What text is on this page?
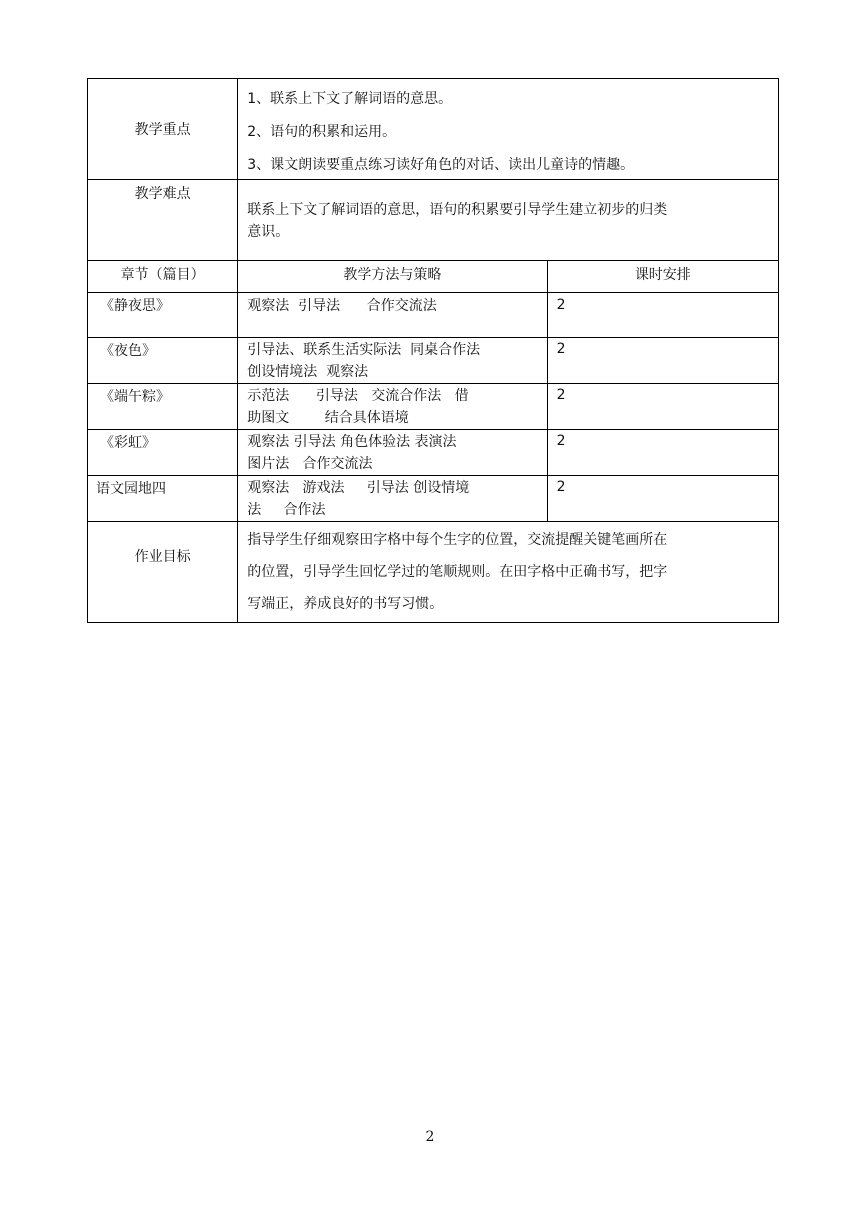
教学重点	1、联系上下文了解词语的意思。
2、语句的积累和运用。
3、课文朗读要重点练习读好角色的对话、读出儿童诗的情趣。	

教学难点	联系上下文了解词语的意思，语句的积累要引导学生建立初步的归类
意识。	

章节（篇目）	教学方法与策略	课时安排
《静夜思》	观察法  引导法      合作交流法	2
《夜色》	引导法、联系生活实际法  同桌合作法
创设情境法  观察法	2
《端午粽》	示范法      引导法   交流合作法   借
助图文        结合具体语境	2
《彩虹》	观察法 引导法 角色体验法 表演法
图片法   合作交流法	2
语文园地四	观察法   游戏法     引导法 创设情境
法     合作法	2

作业目标	指导学生仔细观察田字格中每个生字的位置，交流提醒关键笔画所在
的位置，引导学生回忆学过的笔顺规则。在田字格中正确书写，把字
写端正，养成良好的书写习惯。	
2
